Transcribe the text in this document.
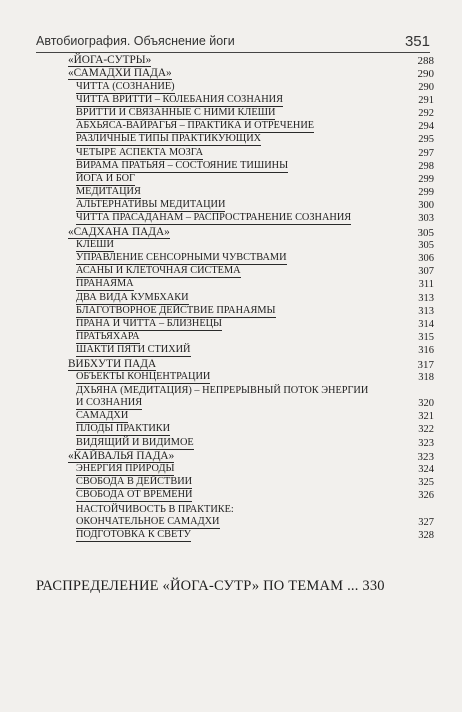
Автобиография. Объяснение йоги	351
«ЙОГА-СУТРЫ»	288
«САМАДХИ ПАДА»	290
ЧИТТА (СОЗНАНИЕ)	290
ЧИТТА ВРИТТИ – КОЛЕБАНИЯ СОЗНАНИЯ	291
ВРИТТИ И СВЯЗАННЫЕ С НИМИ КЛЕШИ	292
АБХЬЯСА-ВАЙРАГЬЯ – ПРАКТИКА И ОТРЕЧЕНИЕ	294
РАЗЛИЧНЫЕ ТИПЫ ПРАКТИКУЮЩИХ	295
ЧЕТЫРЕ АСПЕКТА МОЗГА	297
ВИРАМА ПРАТЬЯЯ – СОСТОЯНИЕ ТИШИНЫ	298
ЙОГА И БОГ	299
МЕДИТАЦИЯ	299
АЛЬТЕРНАТИВЫ МЕДИТАЦИИ	300
ЧИТТА ПРАСАДАНАМ – РАСПРОСТРАНЕНИЕ СОЗНАНИЯ	303
«САДХАНА ПАДА»	305
КЛЕШИ	305
УПРАВЛЕНИЕ СЕНСОРНЫМИ ЧУВСТВАМИ	306
АСАНЫ И КЛЕТОЧНАЯ СИСТЕМА	307
ПРАНАЯМА	311
ДВА ВИДА КУМБХАКИ	313
БЛАГОТВОРНОЕ ДЕЙСТВИЕ ПРАНАЯМЫ	313
ПРАНА И ЧИТТА – БЛИЗНЕЦЫ	314
ПРАТЬЯХАРА	315
ШАКТИ ПЯТИ СТИХИЙ	316
ВИБХУТИ ПАДА	317
ОБЪЕКТЫ КОНЦЕНТРАЦИИ	318
ДХЬЯНА (МЕДИТАЦИЯ) – НЕПРЕРЫВНЫЙ ПОТОК ЭНЕРГИИ
И СОЗНАНИЯ	320
САМАДХИ	321
ПЛОДЫ ПРАКТИКИ	322
ВИДЯЩИЙ И ВИДИМОЕ	323
«КАЙВАЛЬЯ ПАДА»	323
ЭНЕРГИЯ ПРИРОДЫ	324
СВОБОДА В ДЕЙСТВИИ	325
СВОБОДА ОТ ВРЕМЕНИ	326
НАСТОЙЧИВОСТЬ В ПРАКТИКЕ:
ОКОНЧАТЕЛЬНОЕ САМАДХИ	327
ПОДГОТОВКА К СВЕТУ	328
РАСПРЕДЕЛЕНИЕ «ЙОГА-СУТР» ПО ТЕМАМ ... 330
